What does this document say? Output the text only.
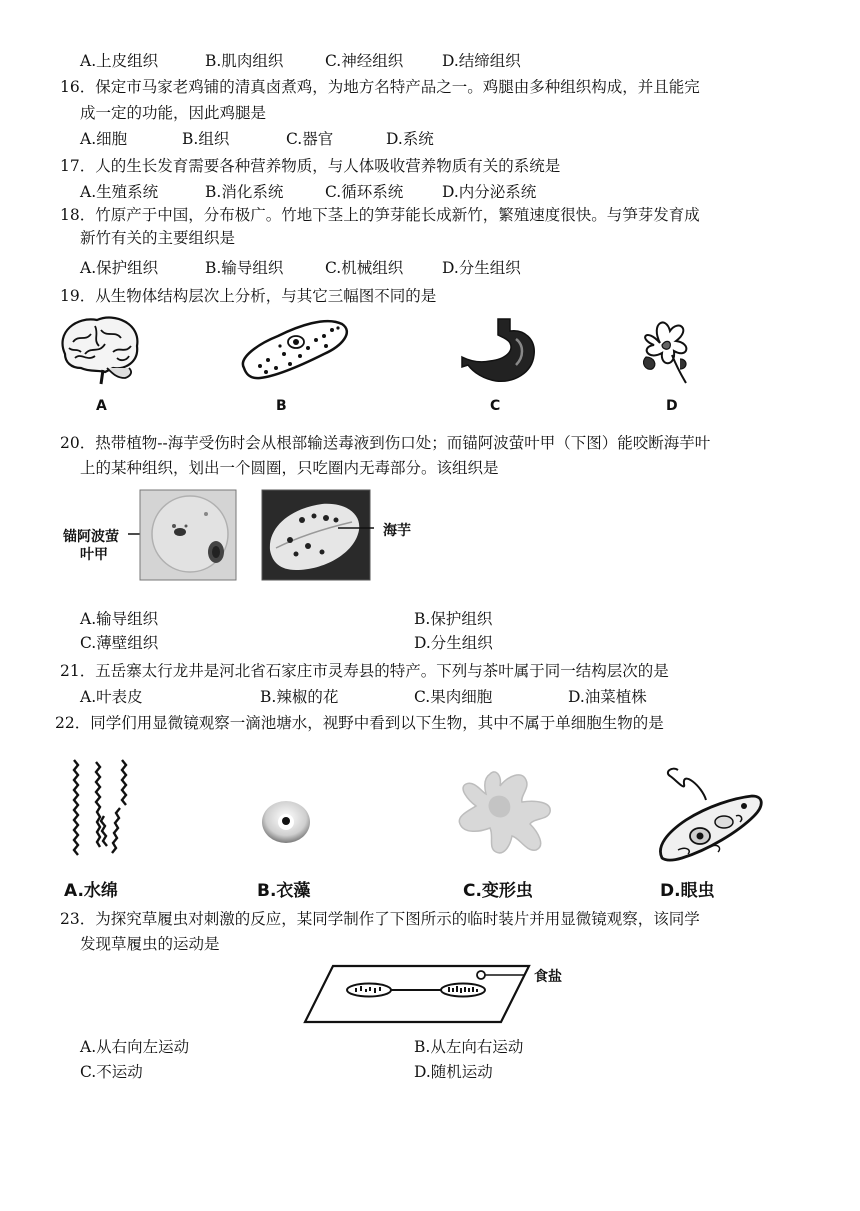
A.上皮组织	B.肌肉组织	C.神经组织	D.结缔组织
16．保定市马家老鸡铺的清真卤煮鸡，为地方名特产品之一。鸡腿由多种组织构成，并且能完
成一定的功能，因此鸡腿是
A.细胞	B.组织	C.器官	D.系统
17．人的生长发育需要各种营养物质，与人体吸收营养物质有关的系统是
A.生殖系统	B.消化系统	C.循环系统	D.内分泌系统
18．竹原产于中国，分布极广。竹地下茎上的笋芽能长成新竹，繁殖速度很快。与笋芽发育成
新竹有关的主要组织是
A.保护组织	B.输导组织	C.机械组织	D.分生组织
19．从生物体结构层次上分析，与其它三幅图不同的是
A	B	C	D
20．热带植物--海芋受伤时会从根部输送毒液到伤口处；而锚阿波萤叶甲（下图）能咬断海芋叶
上的某种组织，划出一个圆圈，只吃圈内无毒部分。该组织是
锚阿波萤
叶甲
海芋
A.输导组织	B.保护组织
C.薄壁组织	D.分生组织
21．五岳寨太行龙井是河北省石家庄市灵寿县的特产。下列与茶叶属于同一结构层次的是
A.叶表皮	B.辣椒的花	C.果肉细胞	D.油菜植株
22．同学们用显微镜观察一滴池塘水，视野中看到以下生物，其中不属于单细胞生物的是
A.水绵	B.衣藻	C.变形虫	D.眼虫
23．为探究草履虫对刺激的反应，某同学制作了下图所示的临时装片并用显微镜观察，该同学
发现草履虫的运动是
食盐
A.从右向左运动	B.从左向右运动
C.不运动	D.随机运动
